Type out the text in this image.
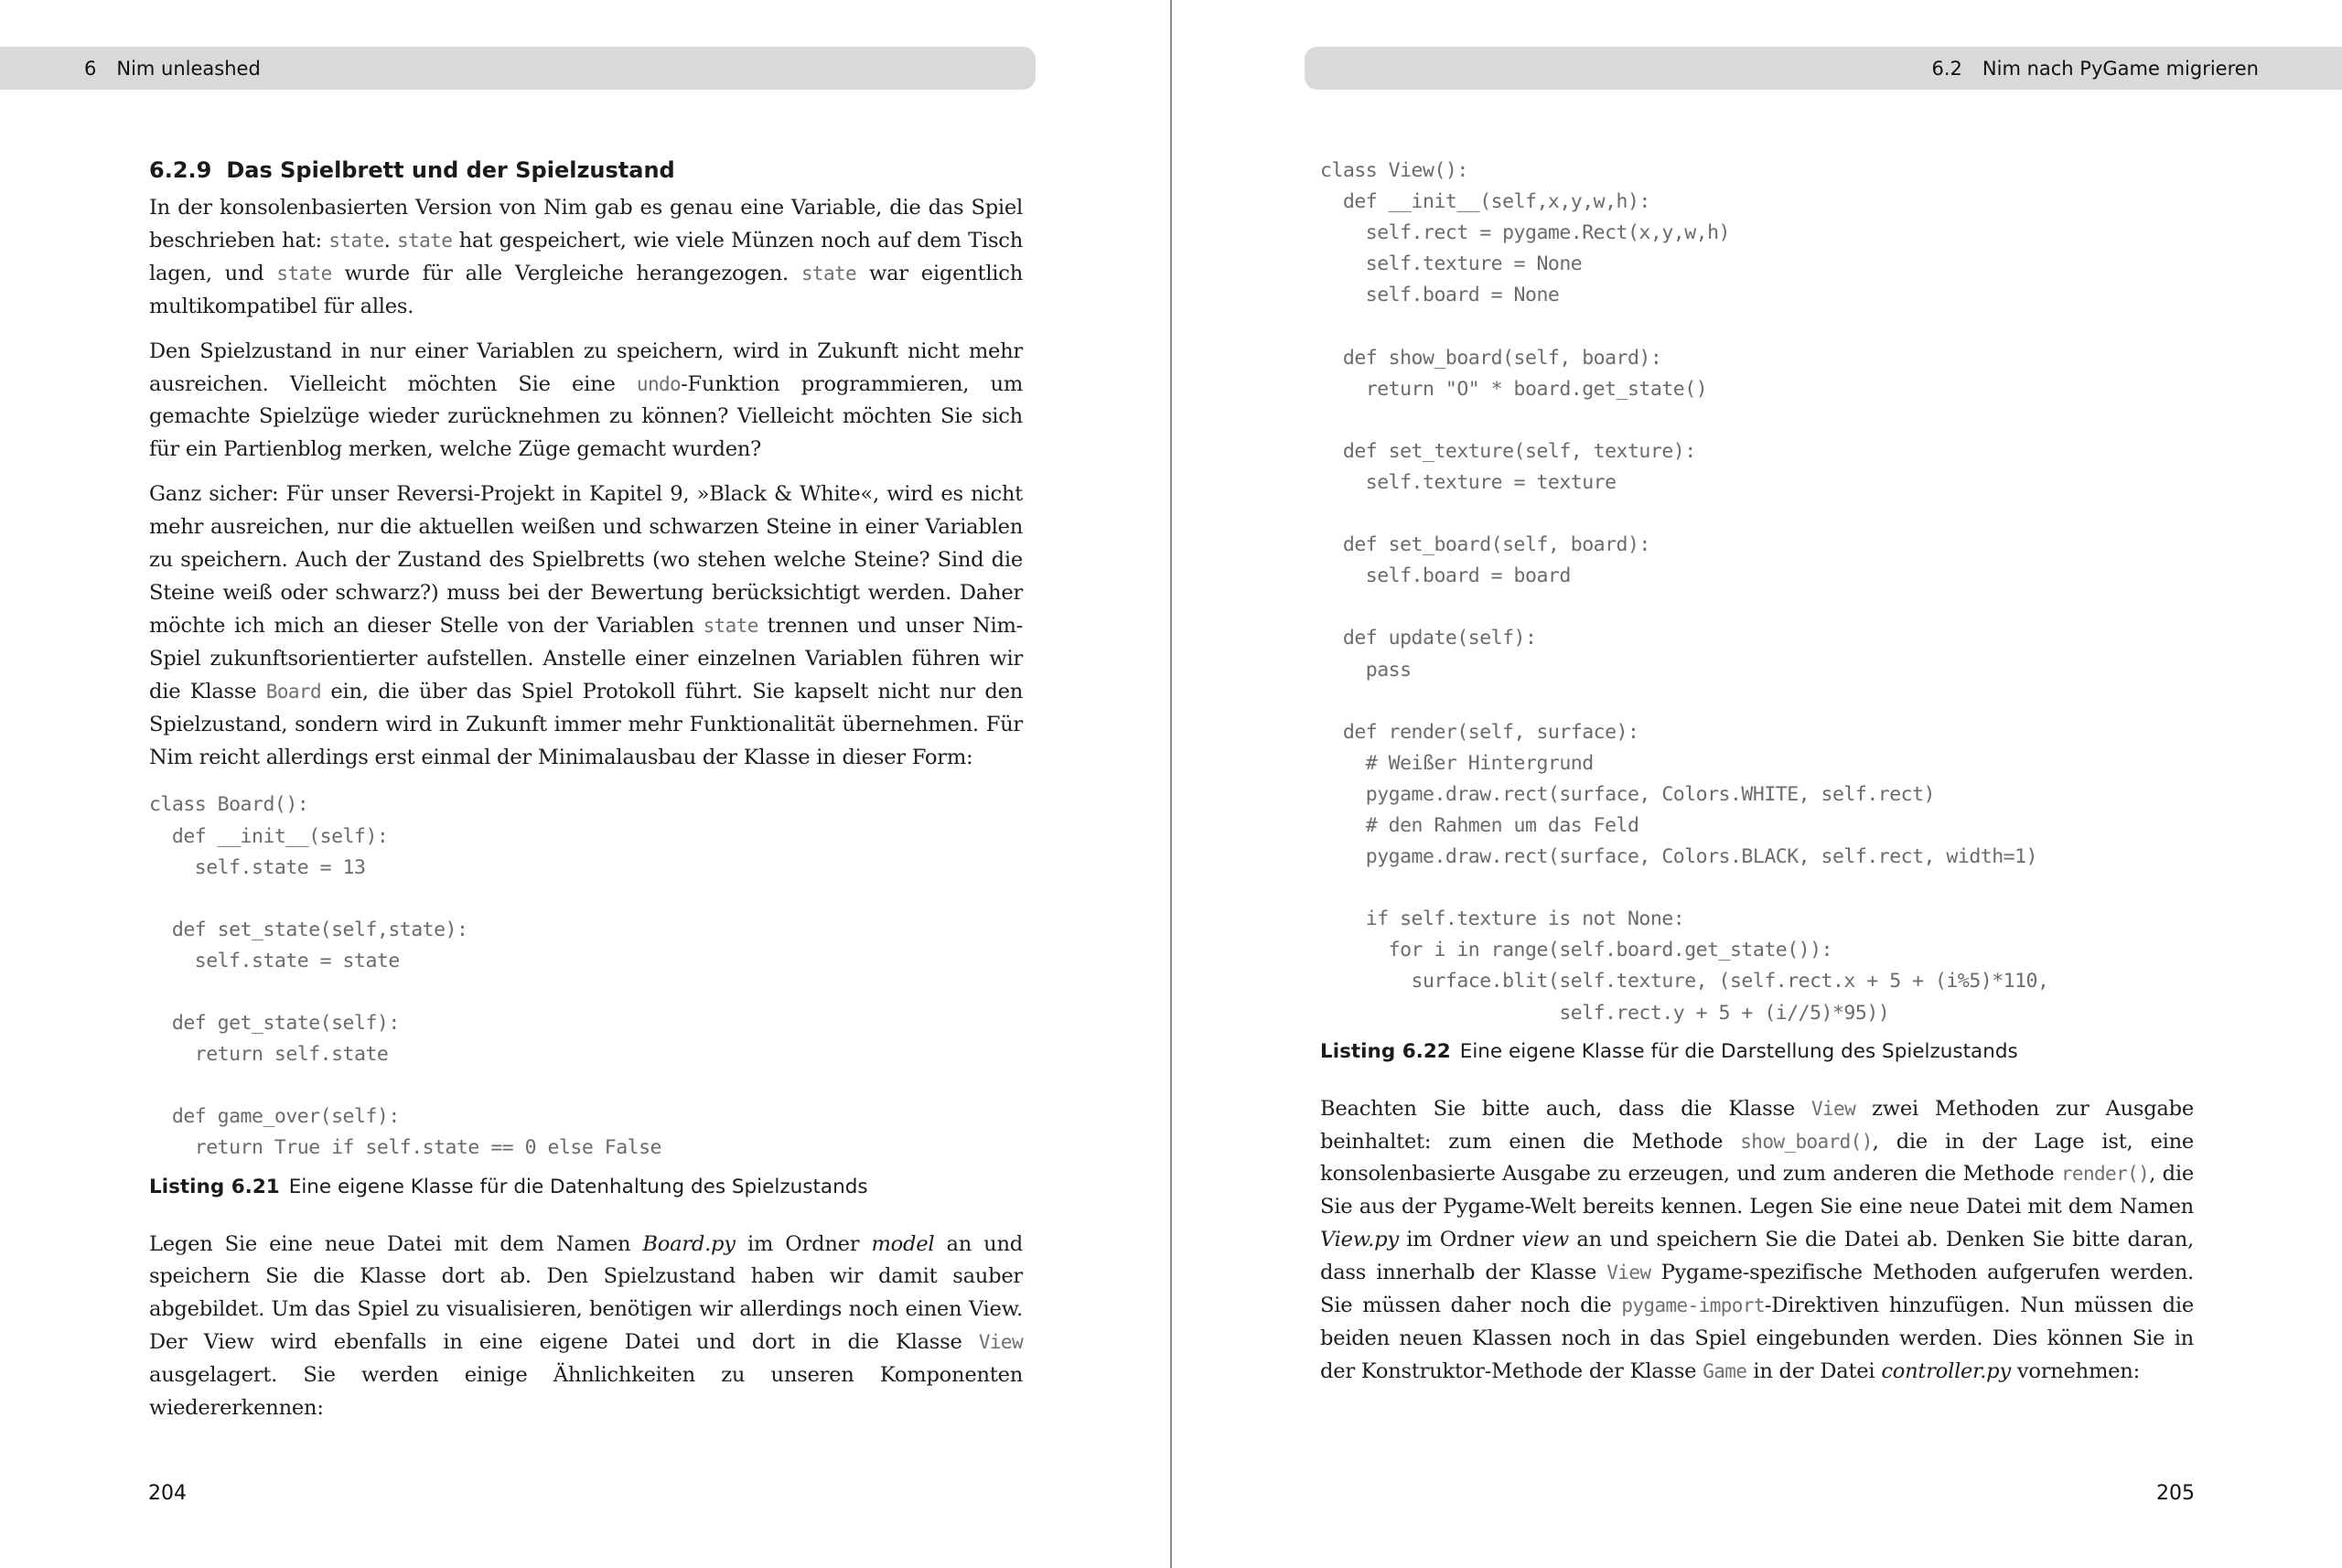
6 Nim unleashed
6.2.9 Das Spielbrett und der Spielzustand

In der konsolenbasierten Version von Nim gab es genau eine Variable, die das Spiel beschrieben hat: state. state hat gespeichert, wie viele Münzen noch auf dem Tisch lagen, und state wurde für alle Vergleiche herangezogen. state war eigentlich multikompatibel für alles.

Den Spielzustand in nur einer Variablen zu speichern, wird in Zukunft nicht mehr ausreichen. Vielleicht möchten Sie eine undo-Funktion programmieren, um gemachte Spielzüge wieder zurücknehmen zu können? Vielleicht möchten Sie sich für ein Partienblog merken, welche Züge gemacht wurden?

Ganz sicher: Für unser Reversi-Projekt in Kapitel 9, »Black & White«, wird es nicht mehr ausreichen, nur die aktuellen weißen und schwarzen Steine in einer Variablen zu speichern. Auch der Zustand des Spielbretts (wo stehen welche Steine? Sind die Steine weiß oder schwarz?) muss bei der Bewertung berücksichtigt werden. Daher möchte ich mich an dieser Stelle von der Variablen state trennen und unser Nim-Spiel zukunftsorientierter aufstellen. Anstelle einer einzelnen Variablen führen wir die Klasse Board ein, die über das Spiel Protokoll führt. Sie kapselt nicht nur den Spielzustand, sondern wird in Zukunft immer mehr Funktionalität übernehmen. Für Nim reicht allerdings erst einmal der Minimalausbau der Klasse in dieser Form:

class Board():
def __init__(self):
self.state = 13
def set_state(self,state):
self.state = state
def get_state(self):
return self.state
def game_over(self):
return True if self.state == 0 else False

Listing 6.21 Eine eigene Klasse für die Datenhaltung des Spielzustands

Legen Sie eine neue Datei mit dem Namen Board.py im Ordner model an und speichern Sie die Klasse dort ab. Den Spielzustand haben wir damit sauber abgebildet. Um das Spiel zu visualisieren, benötigen wir allerdings noch einen View. Der View wird ebenfalls in eine eigene Datei und dort in die Klasse View ausgelagert. Sie werden einige Ähnlichkeiten zu unseren Komponenten wiedererkennen:

204
6.2 Nim nach PyGame migrieren
class View():
def __init__(self,x,y,w,h):
self.rect = pygame.Rect(x,y,w,h)
self.texture = None
self.board = None
def show_board(self, board):
return "O" * board.get_state()
def set_texture(self, texture):
self.texture = texture
def set_board(self, board):
self.board = board
def update(self):
pass
def render(self, surface):
# Weißer Hintergrund
pygame.draw.rect(surface, Colors.WHITE, self.rect)
# den Rahmen um das Feld
pygame.draw.rect(surface, Colors.BLACK, self.rect, width=1)
if self.texture is not None:
for i in range(self.board.get_state()):
surface.blit(self.texture, (self.rect.x + 5 + (i%5)*110,
self.rect.y + 5 + (i//5)*95))

Listing 6.22 Eine eigene Klasse für die Darstellung des Spielzustands

Beachten Sie bitte auch, dass die Klasse View zwei Methoden zur Ausgabe beinhaltet: zum einen die Methode show_board(), die in der Lage ist, eine konsolenbasierte Ausgabe zu erzeugen, und zum anderen die Methode render(), die Sie aus der Pygame-Welt bereits kennen. Legen Sie eine neue Datei mit dem Namen View.py im Ordner view an und speichern Sie die Datei ab. Denken Sie bitte daran, dass innerhalb der Klasse View Pygame-spezifische Methoden aufgerufen werden. Sie müssen daher noch die pygame-import-Direktiven hinzufügen. Nun müssen die beiden neuen Klassen noch in das Spiel eingebunden werden. Dies können Sie in der Konstruktor-Methode der Klasse Game in der Datei controller.py vornehmen:

205
